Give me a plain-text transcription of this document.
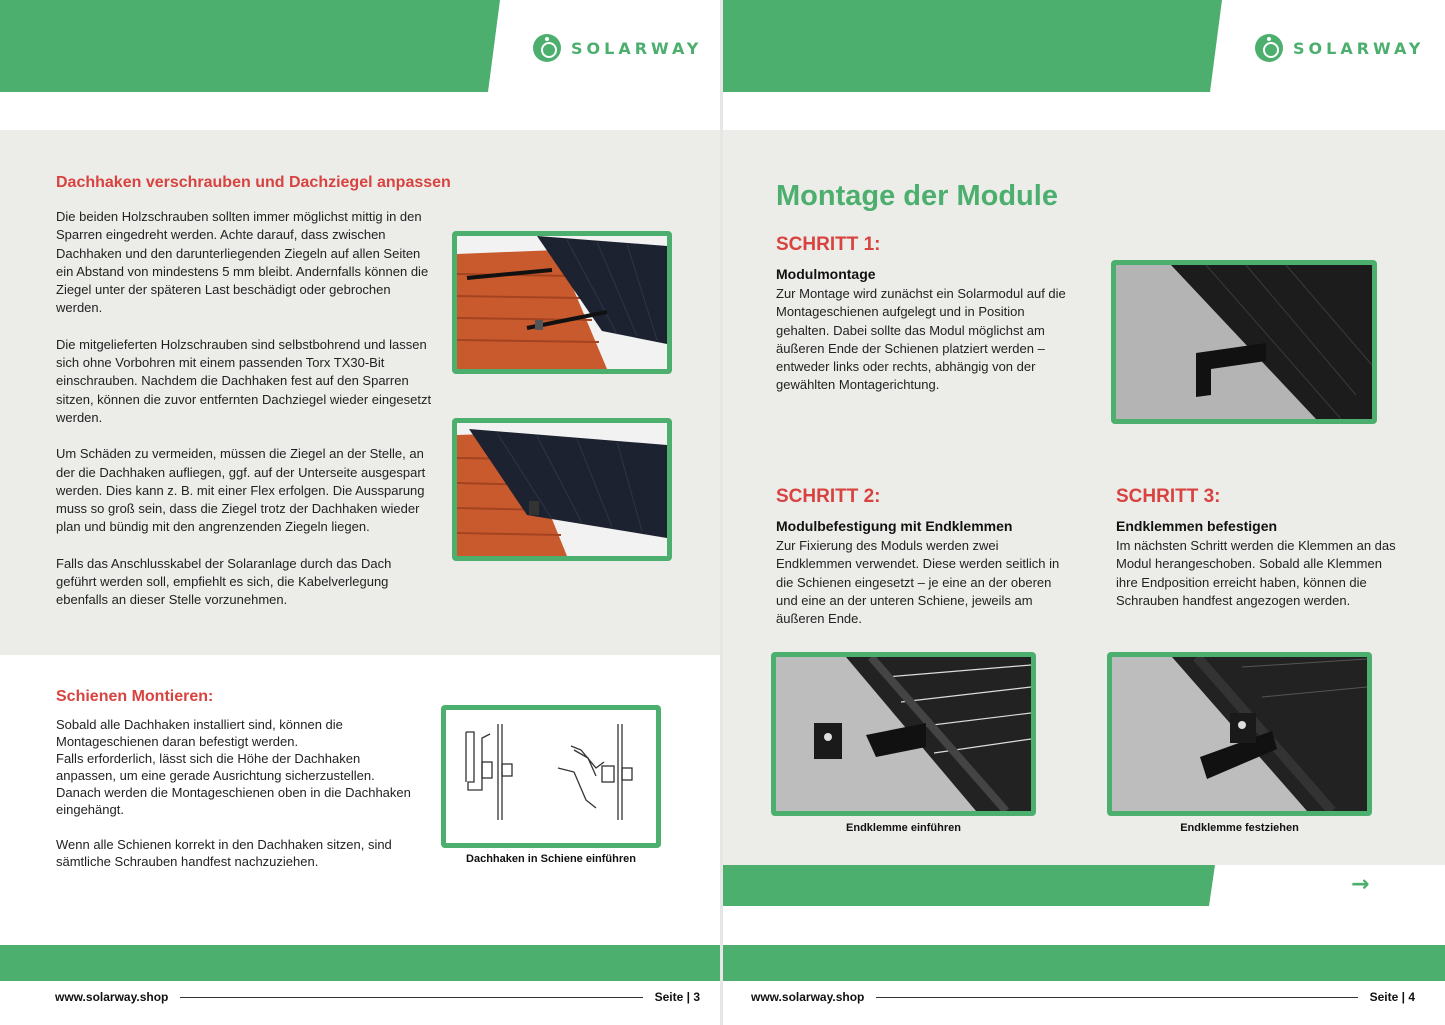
SOLARWAY
Dachhaken verschrauben und Dachziegel anpassen

Die beiden Holzschrauben sollten immer möglichst mittig in den Sparren eingedreht werden. Achte darauf, dass zwischen Dachhaken und den darunterliegenden Ziegeln auf allen Seiten ein Abstand von mindestens 5 mm bleibt. Andernfalls können die Ziegel unter der späteren Last beschädigt oder gebrochen werden.

Die mitgelieferten Holzschrauben sind selbstbohrend und lassen sich ohne Vorbohren mit einem passenden Torx TX30-Bit einschrauben. Nachdem die Dachhaken fest auf den Sparren sitzen, können die zuvor entfernten Dachziegel wieder eingesetzt werden.

Um Schäden zu vermeiden, müssen die Ziegel an der Stelle, an der die Dachhaken aufliegen, ggf. auf der Unterseite ausgespart werden. Dies kann z. B. mit einer Flex erfolgen. Die Aussparung muss so groß sein, dass die Ziegel trotz der Dachhaken wieder plan und bündig mit den angrenzenden Ziegeln liegen.

Falls das Anschlusskabel der Solaranlage durch das Dach geführt werden soll, empfiehlt es sich, die Kabelverlegung ebenfalls an dieser Stelle vorzunehmen.

Schienen Montieren:

Sobald alle Dachhaken installiert sind, können die Montageschienen daran befestigt werden.
Falls erforderlich, lässt sich die Höhe der Dachhaken anpassen, um eine gerade Ausrichtung sicherzustellen.
Danach werden die Montageschienen oben in die Dachhaken eingehängt.

Wenn alle Schienen korrekt in den Dachhaken sitzen, sind sämtliche Schrauben handfest nachzuziehen.	Dachhaken in Schiene einführen
www.solarway.shop	Seite | 3
SOLARWAY
Montage der Module
SCHRITT 1:
Modulmontage
Zur Montage wird zunächst ein Solarmodul auf die Montageschienen aufgelegt und in Position gehalten. Dabei sollte das Modul möglichst am äußeren Ende der Schienen platziert werden – entweder links oder rechts, abhängig von der gewählten Montagerichtung.
SCHRITT 2:
Modulbefestigung mit Endklemmen
Zur Fixierung des Moduls werden zwei Endklemmen verwendet. Diese werden seitlich in die Schienen eingesetzt – je eine an der oberen und eine an der unteren Schiene, jeweils am äußeren Ende.
SCHRITT 3:
Endklemmen befestigen
Im nächsten Schritt werden die Klemmen an das Modul herangeschoben. Sobald alle Klemmen ihre Endposition erreicht haben, können die Schrauben handfest angezogen werden.
Endklemme einführen	Endklemme festziehen
→
www.solarway.shop	Seite | 4
